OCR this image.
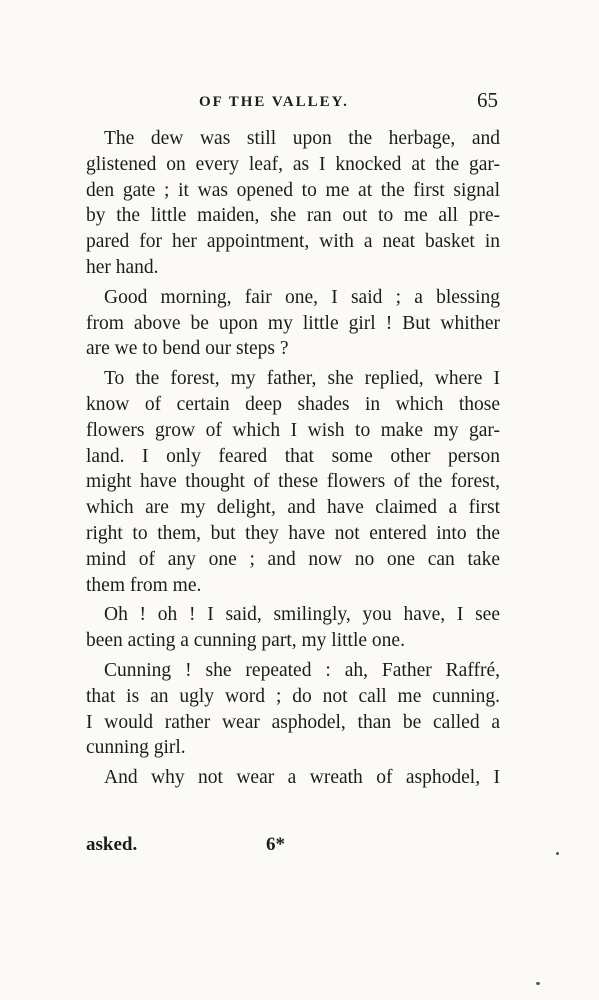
OF THE VALLEY.	65
The dew was still upon the herbage, and
glistened on every leaf, as I knocked at the gar-
den gate ; it was opened to me at the first signal
by the little maiden, she ran out to me all pre-
pared for her appointment, with a neat basket in
her hand.
Good morning, fair one, I said ; a blessing
from above be upon my little girl ! But whither
are we to bend our steps ?
To the forest, my father, she replied, where I
know of certain deep shades in which those
flowers grow of which I wish to make my gar-
land. I only feared that some other person
might have thought of these flowers of the forest,
which are my delight, and have claimed a first
right to them, but they have not entered into the
mind of any one ; and now no one can take
them from me.
Oh ! oh ! I said, smilingly, you have, I see
been acting a cunning part, my little one.
Cunning ! she repeated : ah, Father Raffré,
that is an ugly word ; do not call me cunning.
I would rather wear asphodel, than be called a
cunning girl.
And why not wear a wreath of asphodel, I
asked.	6*
